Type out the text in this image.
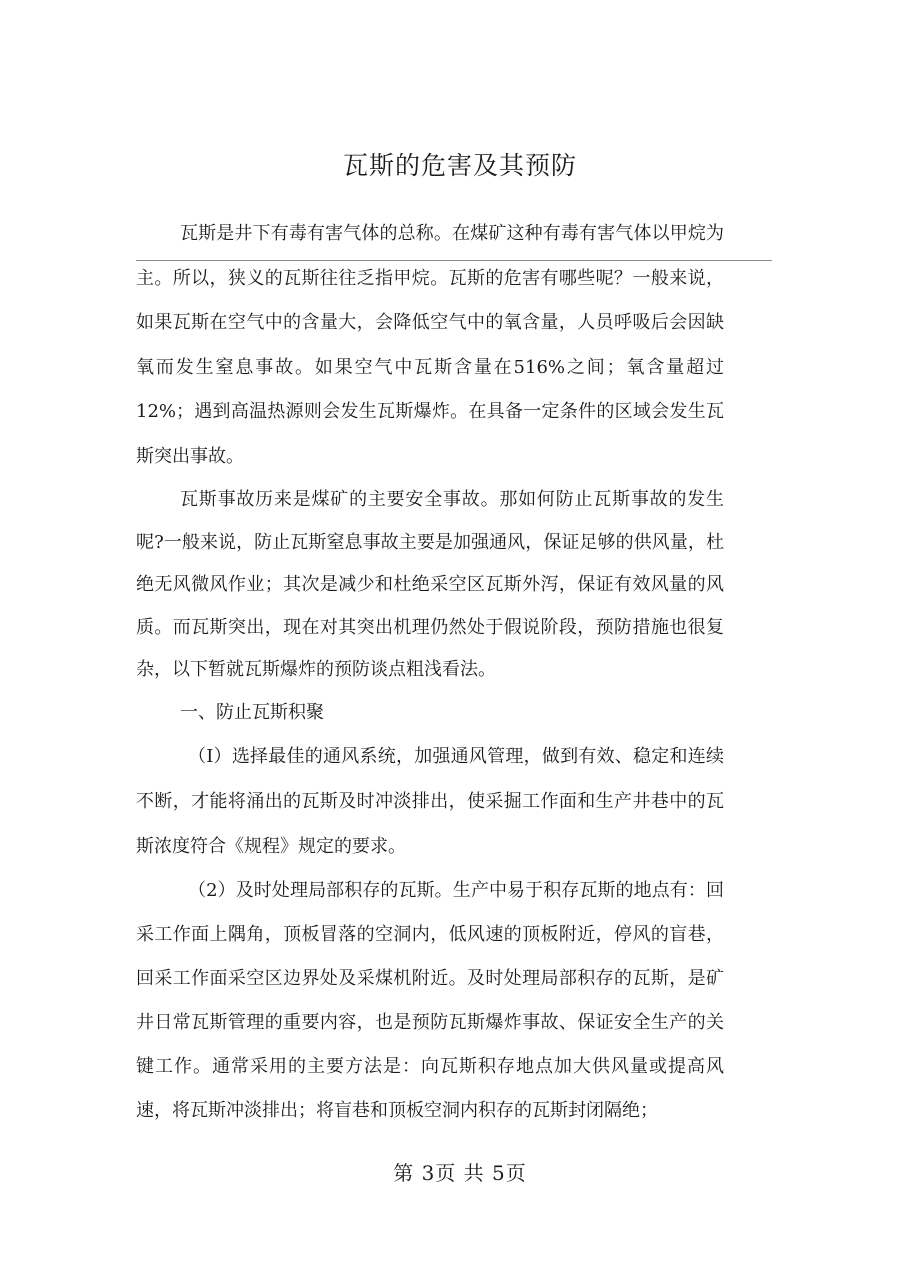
瓦斯的危害及其预防

瓦斯是井下有毒有害气体的总称。在煤矿这种有毒有害气体以甲烷为主。所以，狭义的瓦斯往往乏指甲烷。瓦斯的危害有哪些呢？一般来说，如果瓦斯在空气中的含量大，会降低空气中的氧含量，人员呼吸后会因缺氧而发生窒息事故。如果空气中瓦斯含量在516%之间；氧含量超过12%；遇到高温热源则会发生瓦斯爆炸。在具备一定条件的区域会发生瓦斯突出事故。

瓦斯事故历来是煤矿的主要安全事故。那如何防止瓦斯事故的发生呢?一般来说，防止瓦斯窒息事故主要是加强通风，保证足够的供风量，杜绝无风微风作业；其次是减少和杜绝采空区瓦斯外泻，保证有效风量的风质。而瓦斯突出，现在对其突出机理仍然处于假说阶段，预防措施也很复杂，以下暂就瓦斯爆炸的预防谈点粗浅看法。

一、防止瓦斯积聚

（I）选择最佳的通风系统，加强通风管理，做到有效、稳定和连续不断，才能将涌出的瓦斯及时冲淡排出，使采掘工作面和生产井巷中的瓦斯浓度符合《规程》规定的要求。

（2）及时处理局部积存的瓦斯。生产中易于积存瓦斯的地点有：回采工作面上隅角，顶板冒落的空洞内，低风速的顶板附近，停风的盲巷，回采工作面采空区边界处及采煤机附近。及时处理局部积存的瓦斯，是矿井日常瓦斯管理的重要内容，也是预防瓦斯爆炸事故、保证安全生产的关键工作。通常采用的主要方法是：向瓦斯积存地点加大供风量或提高风速，将瓦斯冲淡排出；将盲巷和顶板空洞内积存的瓦斯封闭隔绝；

第 3页 共 5页
